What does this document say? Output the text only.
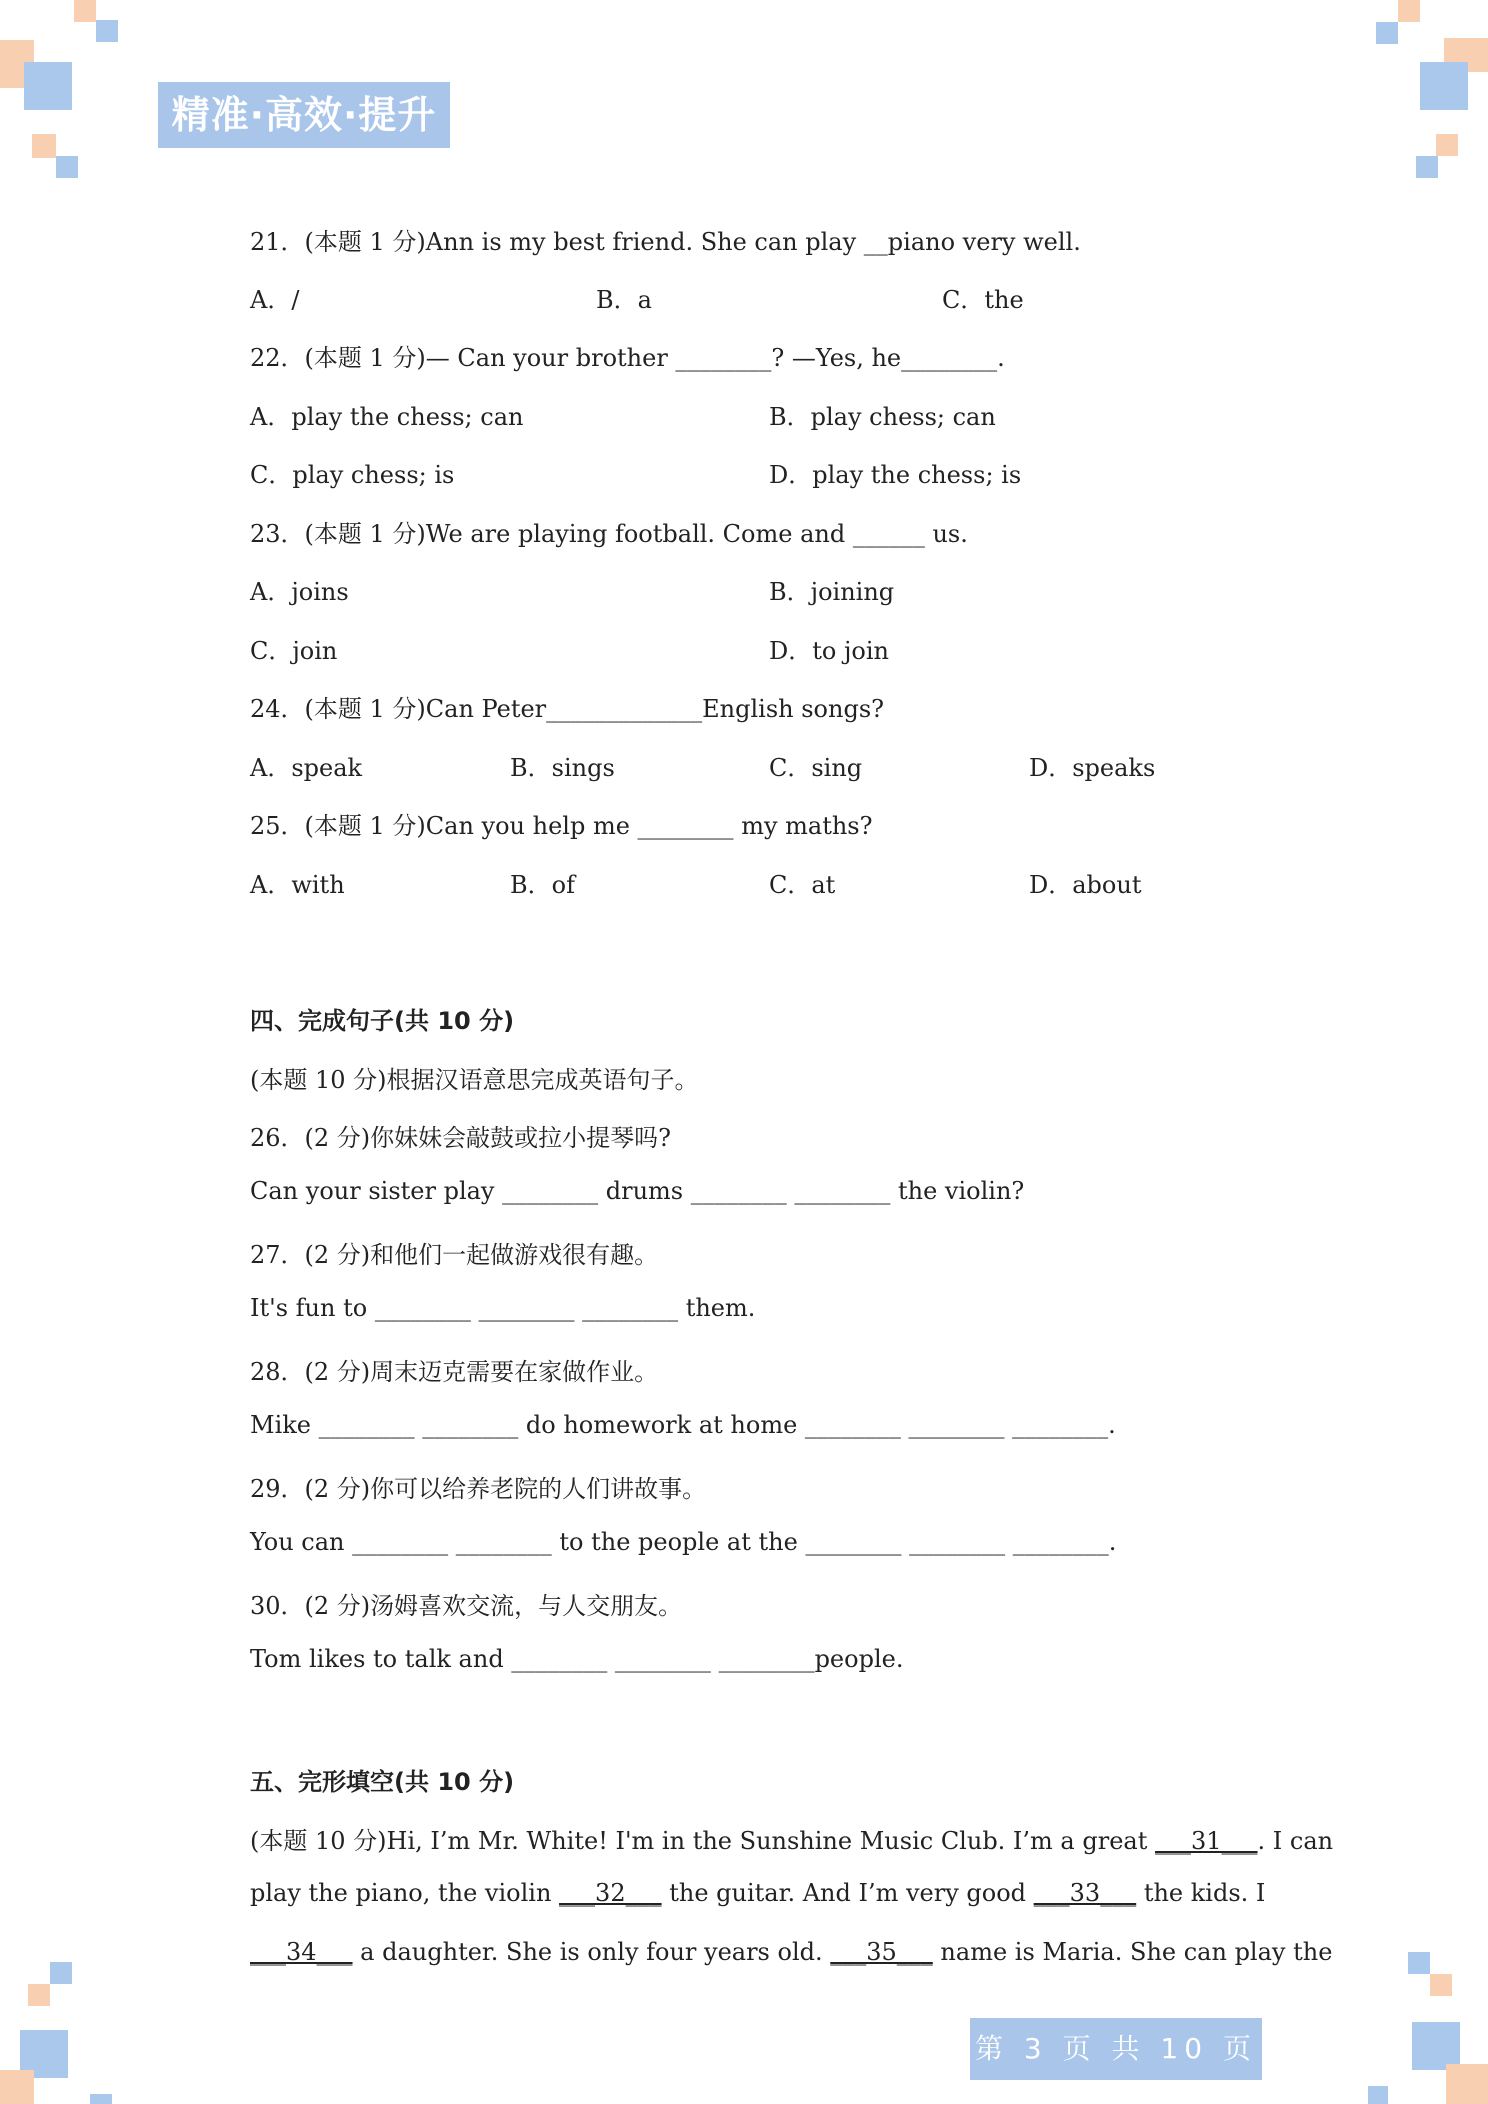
精准·高效·提升
21．(本题 1 分)Ann is my best friend. She can play __piano very well.
A．/	B．a	C．the
22．(本题 1 分)— Can your brother ________? —Yes, he________.
A．play the chess; can	B．play chess; can
C．play chess; is	D．play the chess; is
23．(本题 1 分)We are playing football. Come and ______ us.
A．joins	B．joining
C．join	D．to join
24．(本题 1 分)Can Peter_____________English songs?
A．speak	B．sings	C．sing	D．speaks
25．(本题 1 分)Can you help me ________ my maths?
A．with	B．of	C．at	D．about
四、完成句子(共 10 分)
(本题 10 分)根据汉语意思完成英语句子。
26．(2 分)你妹妹会敲鼓或拉小提琴吗?
Can your sister play ________ drums ________ ________ the violin?
27．(2 分)和他们一起做游戏很有趣。
It's fun to ________ ________ ________ them.
28．(2 分)周末迈克需要在家做作业。
Mike ________ ________ do homework at home ________ ________ ________.
29．(2 分)你可以给养老院的人们讲故事。
You can ________ ________ to the people at the ________ ________ ________.
30．(2 分)汤姆喜欢交流，与人交朋友。
Tom likes to talk and ________ ________ ________people.
五、完形填空(共 10 分)
(本题 10 分)Hi, I’m Mr. White! I'm in the Sunshine Music Club. I’m a great ___31___. I can
play the piano, the violin ___32___ the guitar. And I’m very good ___33___ the kids. I
___34___ a daughter. She is only four years old. ___35___ name is Maria. She can play the
第 3 页 共 10 页
